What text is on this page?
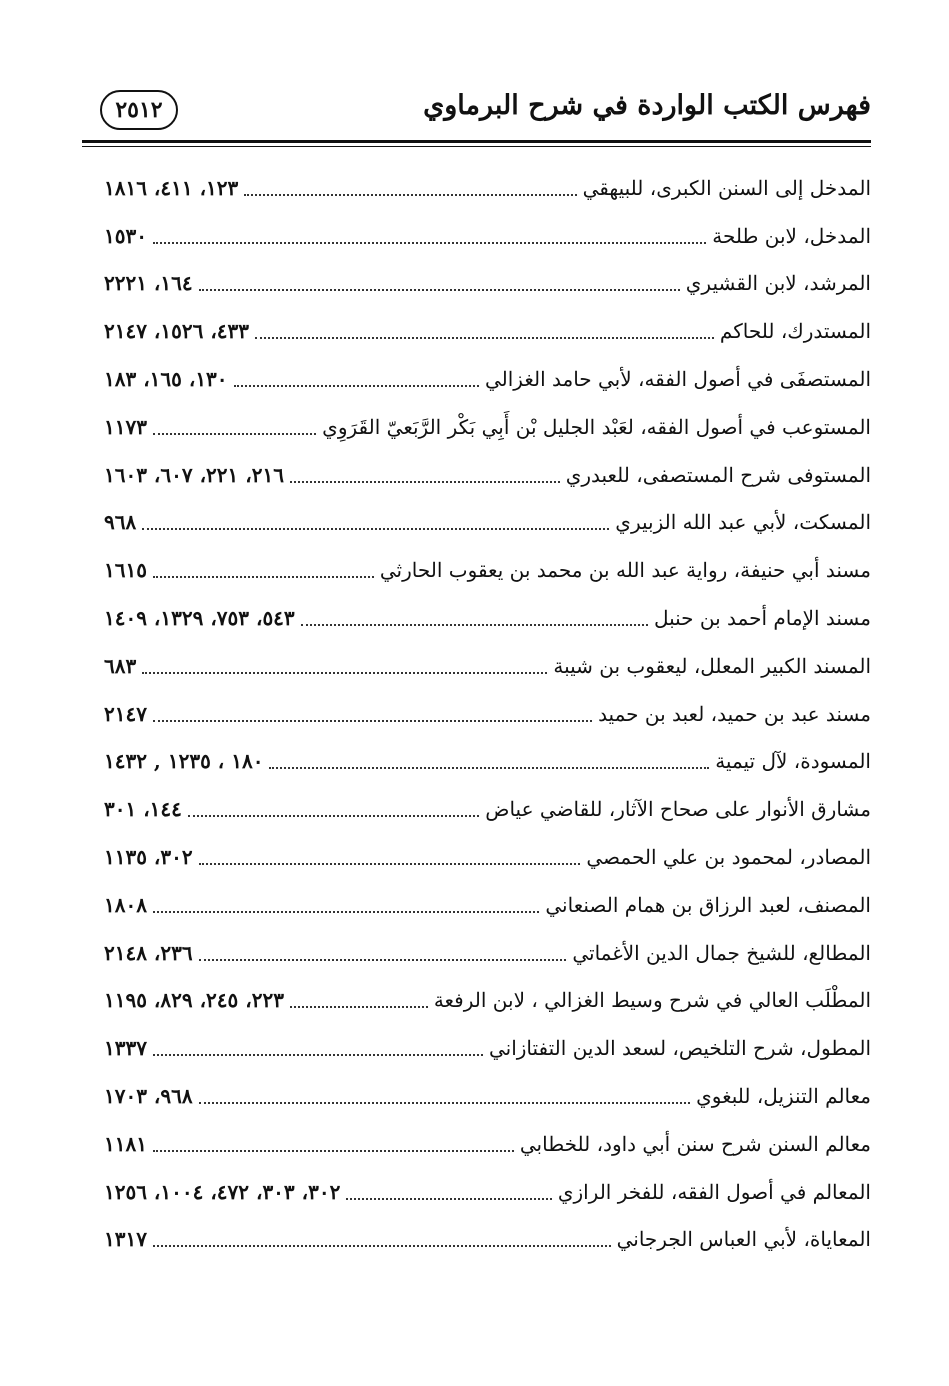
فهرس الكتب الواردة في شرح البرماوي
٢٥١٢
المدخل إلى السنن الكبرى، للبيهقي
١٢٣، ٤١١، ١٨١٦
المدخل، لابن طلحة
١٥٣٠
المرشد، لابن القشيري
١٦٤، ٢٢٢١
المستدرك، للحاكم
٤٣٣، ١٥٢٦، ٢١٤٧
المستصفَى في أصول الفقه، لأبي حامد الغزالي
١٣٠، ١٦٥، ١٨٣
المستوعب في أصول الفقه، لعَبْد الجليل بْن أَبِي بَكْر الرَّبَعيّ القَرَوِي
١١٧٣
المستوفى شرح المستصفى، للعبدري
٢١٦، ٢٢١، ٦٠٧، ١٦٠٣
المسكت، لأبي عبد الله الزبيري
٩٦٨
مسند أبي حنيفة، رواية عبد الله بن محمد بن يعقوب الحارثي
١٦١٥
مسند الإمام أحمد بن حنبل
٥٤٣، ٧٥٣، ١٣٢٩، ١٤٠٩
المسند الكبير المعلل، ليعقوب بن شيبة
٦٨٣
مسند عبد بن حميد، لعبد بن حميد
٢١٤٧
المسودة، لآل تيمية
١٨٠ ، ١٢٣٥ , ١٤٣٢
مشارق الأنوار على صحاح الآثار، للقاضي عياض
١٤٤، ٣٠١
المصادر، لمحمود بن علي الحمصي
٣٠٢، ١١٣٥
المصنف، لعبد الرزاق بن همام الصنعاني
١٨٠٨
المطالع، للشيخ جمال الدين الأغماتي
٢٣٦، ٢١٤٨
المطْلَب العالي في شرح وسيط الغزالي ، لابن الرفعة
٢٢٣، ٢٤٥، ٨٢٩، ١١٩٥
المطول، شرح التلخيص، لسعد الدين التفتازاني
١٣٣٧
معالم التنزيل، للبغوي
٩٦٨، ١٧٠٣
معالم السنن شرح سنن أبي داود، للخطابي
١١٨١
المعالم في أصول الفقه، للفخر الرازي
٣٠٢، ٣٠٣، ٤٧٢، ١٠٠٤، ١٢٥٦
المعاياة، لأبي العباس الجرجاني
١٣١٧
